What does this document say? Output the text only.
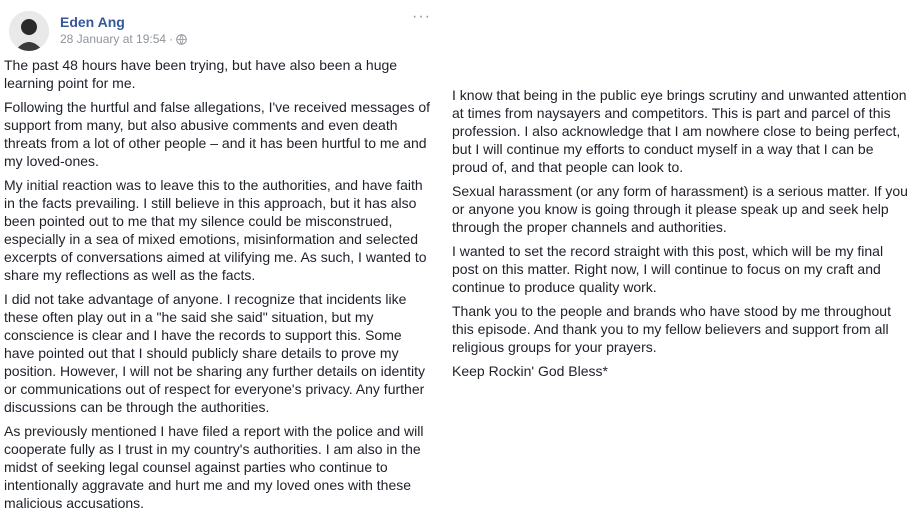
Eden Ang
28 January at 19:54 ·
···

The past 48 hours have been trying, but have also been a huge learning point for me.

Following the hurtful and false allegations, I've received messages of support from many, but also abusive comments and even death threats from a lot of other people – and it has been hurtful to me and my loved-ones.

My initial reaction was to leave this to the authorities, and have faith in the facts prevailing. I still believe in this approach, but it has also been pointed out to me that my silence could be misconstrued, especially in a sea of mixed emotions, misinformation and selected excerpts of conversations aimed at vilifying me. As such, I wanted to share my reflections as well as the facts.

I did not take advantage of anyone. I recognize that incidents like these often play out in a "he said she said" situation, but my conscience is clear and I have the records to support this. Some have pointed out that I should publicly share details to prove my position. However, I will not be sharing any further details on identity or communications out of respect for everyone's privacy. Any further discussions can be through the authorities.

As previously mentioned I have filed a report with the police and will cooperate fully as I trust in my country's authorities. I am also in the midst of seeking legal counsel against parties who continue to intentionally aggravate and hurt me and my loved ones with these malicious accusations.

I know that being in the public eye brings scrutiny and unwanted attention at times from naysayers and competitors. This is part and parcel of this profession. I also acknowledge that I am nowhere close to being perfect, but I will continue my efforts to conduct myself in a way that I can be proud of, and that people can look to.

Sexual harassment (or any form of harassment) is a serious matter. If you or anyone you know is going through it please speak up and seek help through the proper channels and authorities.

I wanted to set the record straight with this post, which will be my final post on this matter. Right now, I will continue to focus on my craft and continue to produce quality work.

Thank you to the people and brands who have stood by me throughout this episode. And thank you to my fellow believers and support from all religious groups for your prayers.

Keep Rockin' God Bless*
